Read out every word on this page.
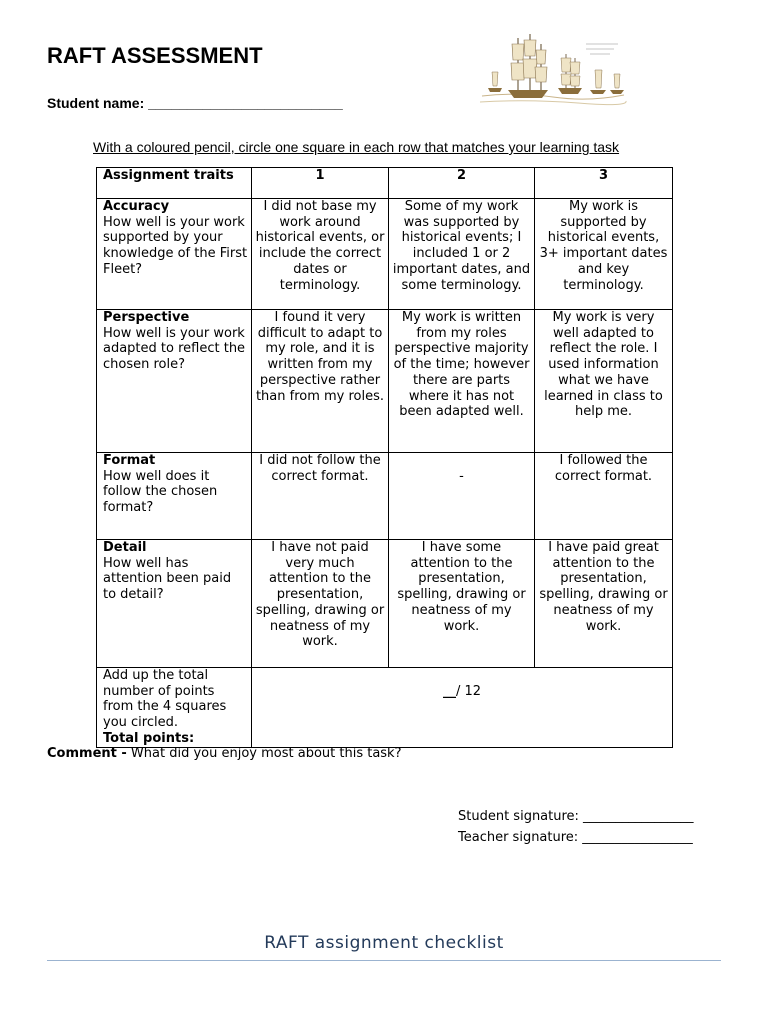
RAFT ASSESSMENT
Student name: _________________________
With a coloured pencil, circle one square in each row that matches your learning task
Assignment traits	1	2	3

Accuracy
How well is your work supported by your knowledge of the First Fleet?	I did not base my work around historical events, or include the correct dates or terminology.	Some of my work was supported by historical events; I included 1 or 2 important dates, and some terminology.	My work is supported by historical events, 3+ important dates and key terminology.

Perspective
How well is your work adapted to reflect the chosen role?	I found it very difficult to adapt to my role, and it is written from my perspective rather than from my roles.	My work is written from my roles perspective majority of the time; however there are parts where it has not been adapted well.	My work is very well adapted to reflect the role. I used information what we have learned in class to help me.

Format
How well does it follow the chosen format?	I did not follow the correct format.	-	I followed the correct format.

Detail
How well has attention been paid to detail?	I have not paid very much attention to the presentation, spelling, drawing or neatness of my work.	I have some attention to the presentation, spelling, drawing or neatness of my work.	I have paid great attention to the presentation, spelling, drawing or neatness of my work.

Add up the total number of points from the 4 squares you circled.
Total points:	__/ 12		
Comment - What did you enjoy most about this task?
Student signature: _________________
Teacher signature: _________________
RAFT assignment checklist
